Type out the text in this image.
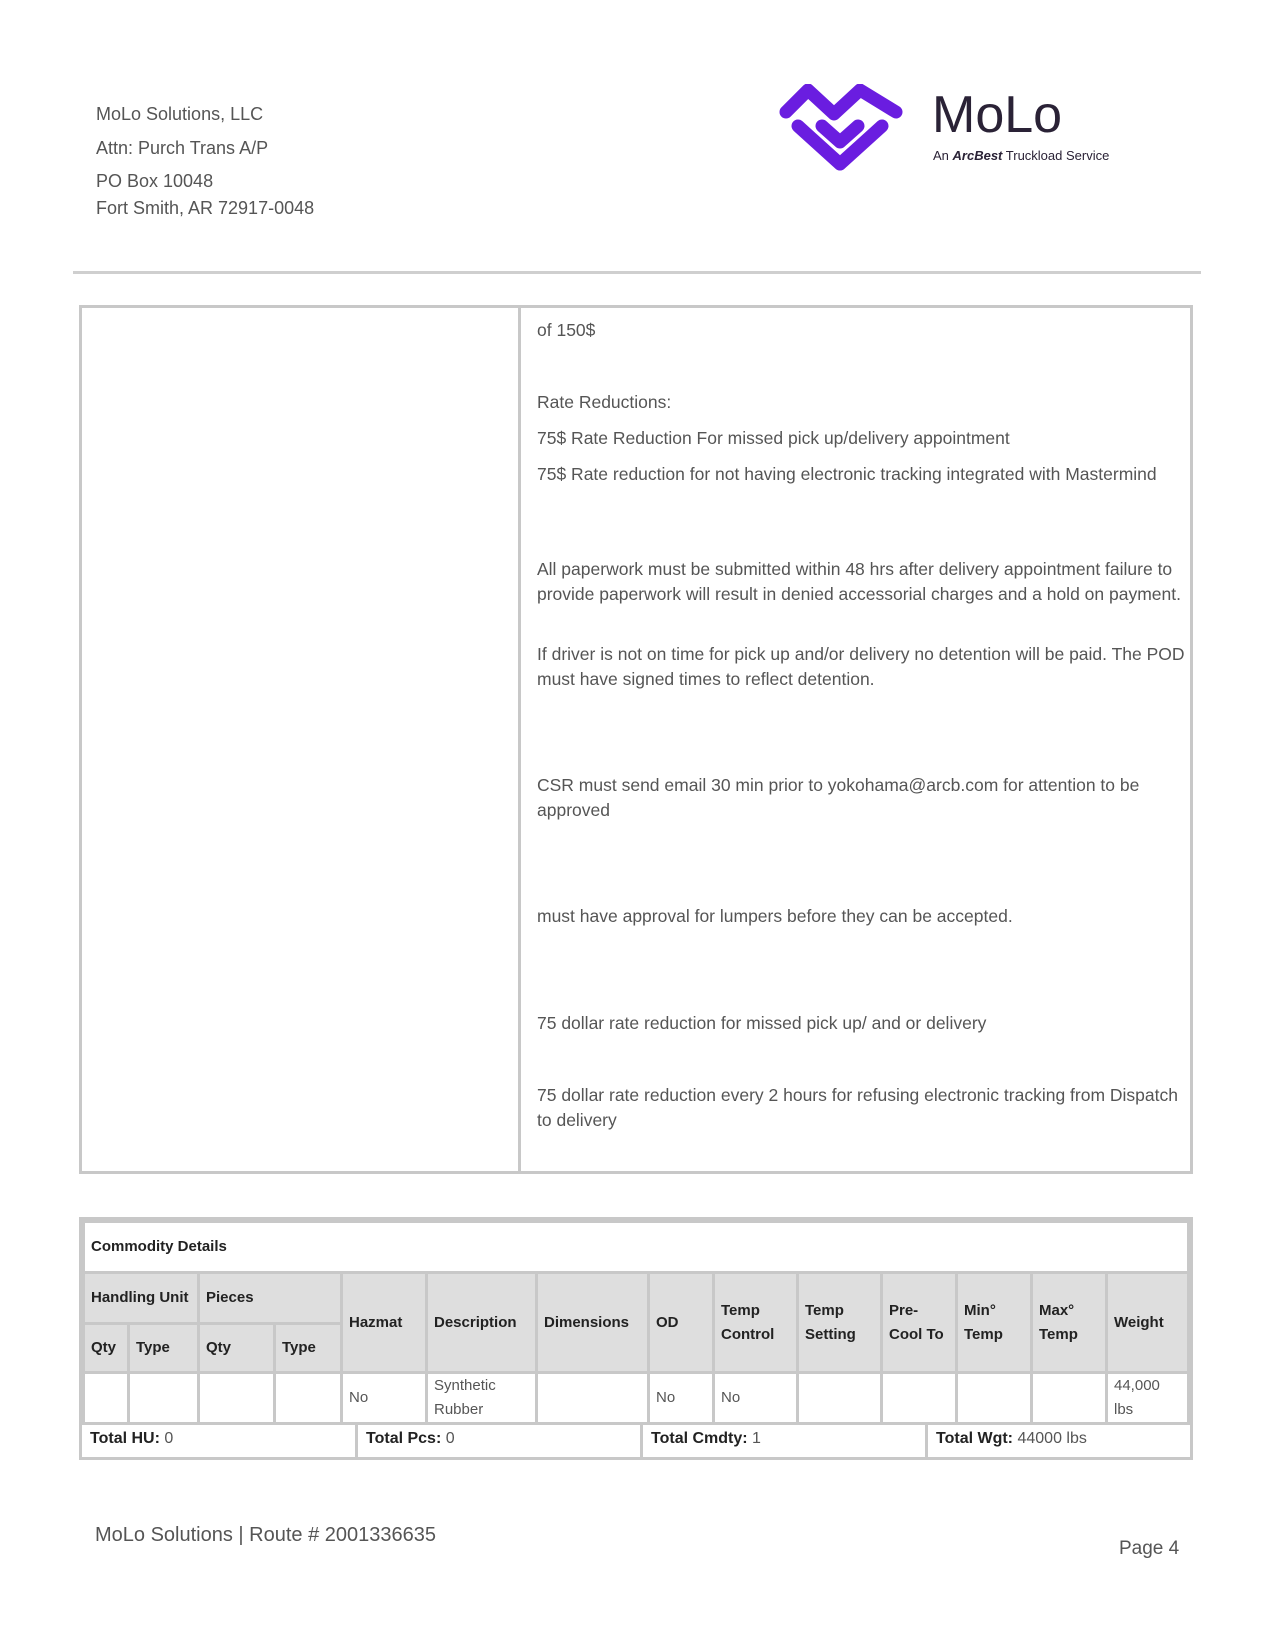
MoLo Solutions, LLC
Attn: Purch Trans A/P
PO Box 10048
Fort Smith, AR 72917-0048
MoLo
An ArcBest Truckload Service
of 150$
Rate Reductions:
75$ Rate Reduction For missed pick up/delivery appointment
75$ Rate reduction for not having electronic tracking integrated with Mastermind
All paperwork must be submitted within 48 hrs after delivery appointment failure to provide paperwork will result in denied accessorial charges and a hold on payment.
If driver is not on time for pick up and/or delivery no detention will be paid. The POD must have signed times to reflect detention.
CSR must send email 30 min prior to yokohama@arcb.com for attention to be approved
must have approval for lumpers before they can be accepted.
75 dollar rate reduction for missed pick up/ and or delivery
75 dollar rate reduction every 2 hours for refusing electronic tracking from Dispatch to delivery
Commodity Details													
Handling Unit		Pieces		Hazmat	Description	Dimensions	OD	Temp Control	Temp Setting	Pre-Cool To	Min° Temp	Max° Temp	Weight
Qty	Type	Qty	Type										
				No	Synthetic Rubber		No	No					44,000 lbs
Total HU: 0	Total Pcs: 0	Total Cmdty: 1	Total Wgt: 44000 lbs
MoLo Solutions | Route # 2001336635
Page 4
